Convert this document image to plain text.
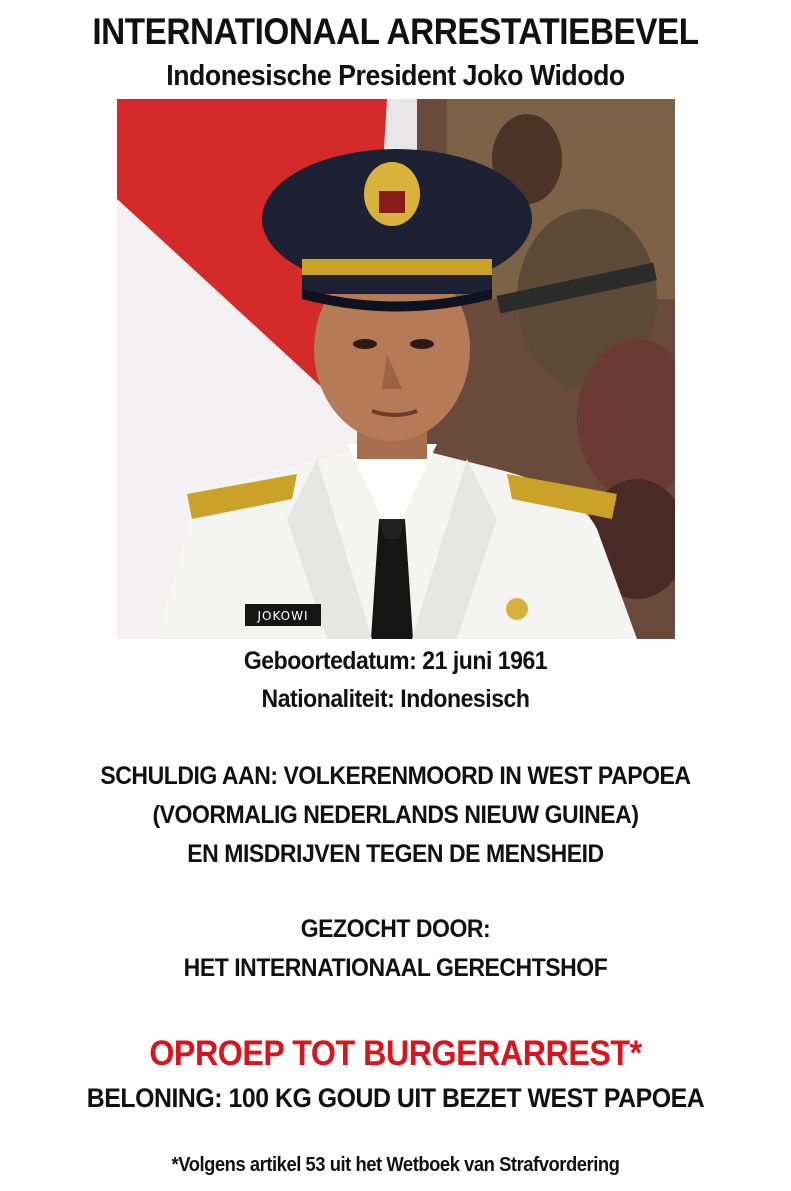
INTERNATIONAAL ARRESTATIEBEVEL
Indonesische President Joko Widodo
JOKOWI
Geboortedatum: 21 juni 1961
Nationaliteit: Indonesisch
SCHULDIG AAN: VOLKERENMOORD IN WEST PAPOEA
(VOORMALIG NEDERLANDS NIEUW GUINEA)
EN MISDRIJVEN TEGEN DE MENSHEID
GEZOCHT DOOR:
HET INTERNATIONAAL GERECHTSHOF
OPROEP TOT BURGERARREST*
BELONING: 100 KG GOUD UIT BEZET WEST PAPOEA
*Volgens artikel 53 uit het Wetboek van Strafvordering
